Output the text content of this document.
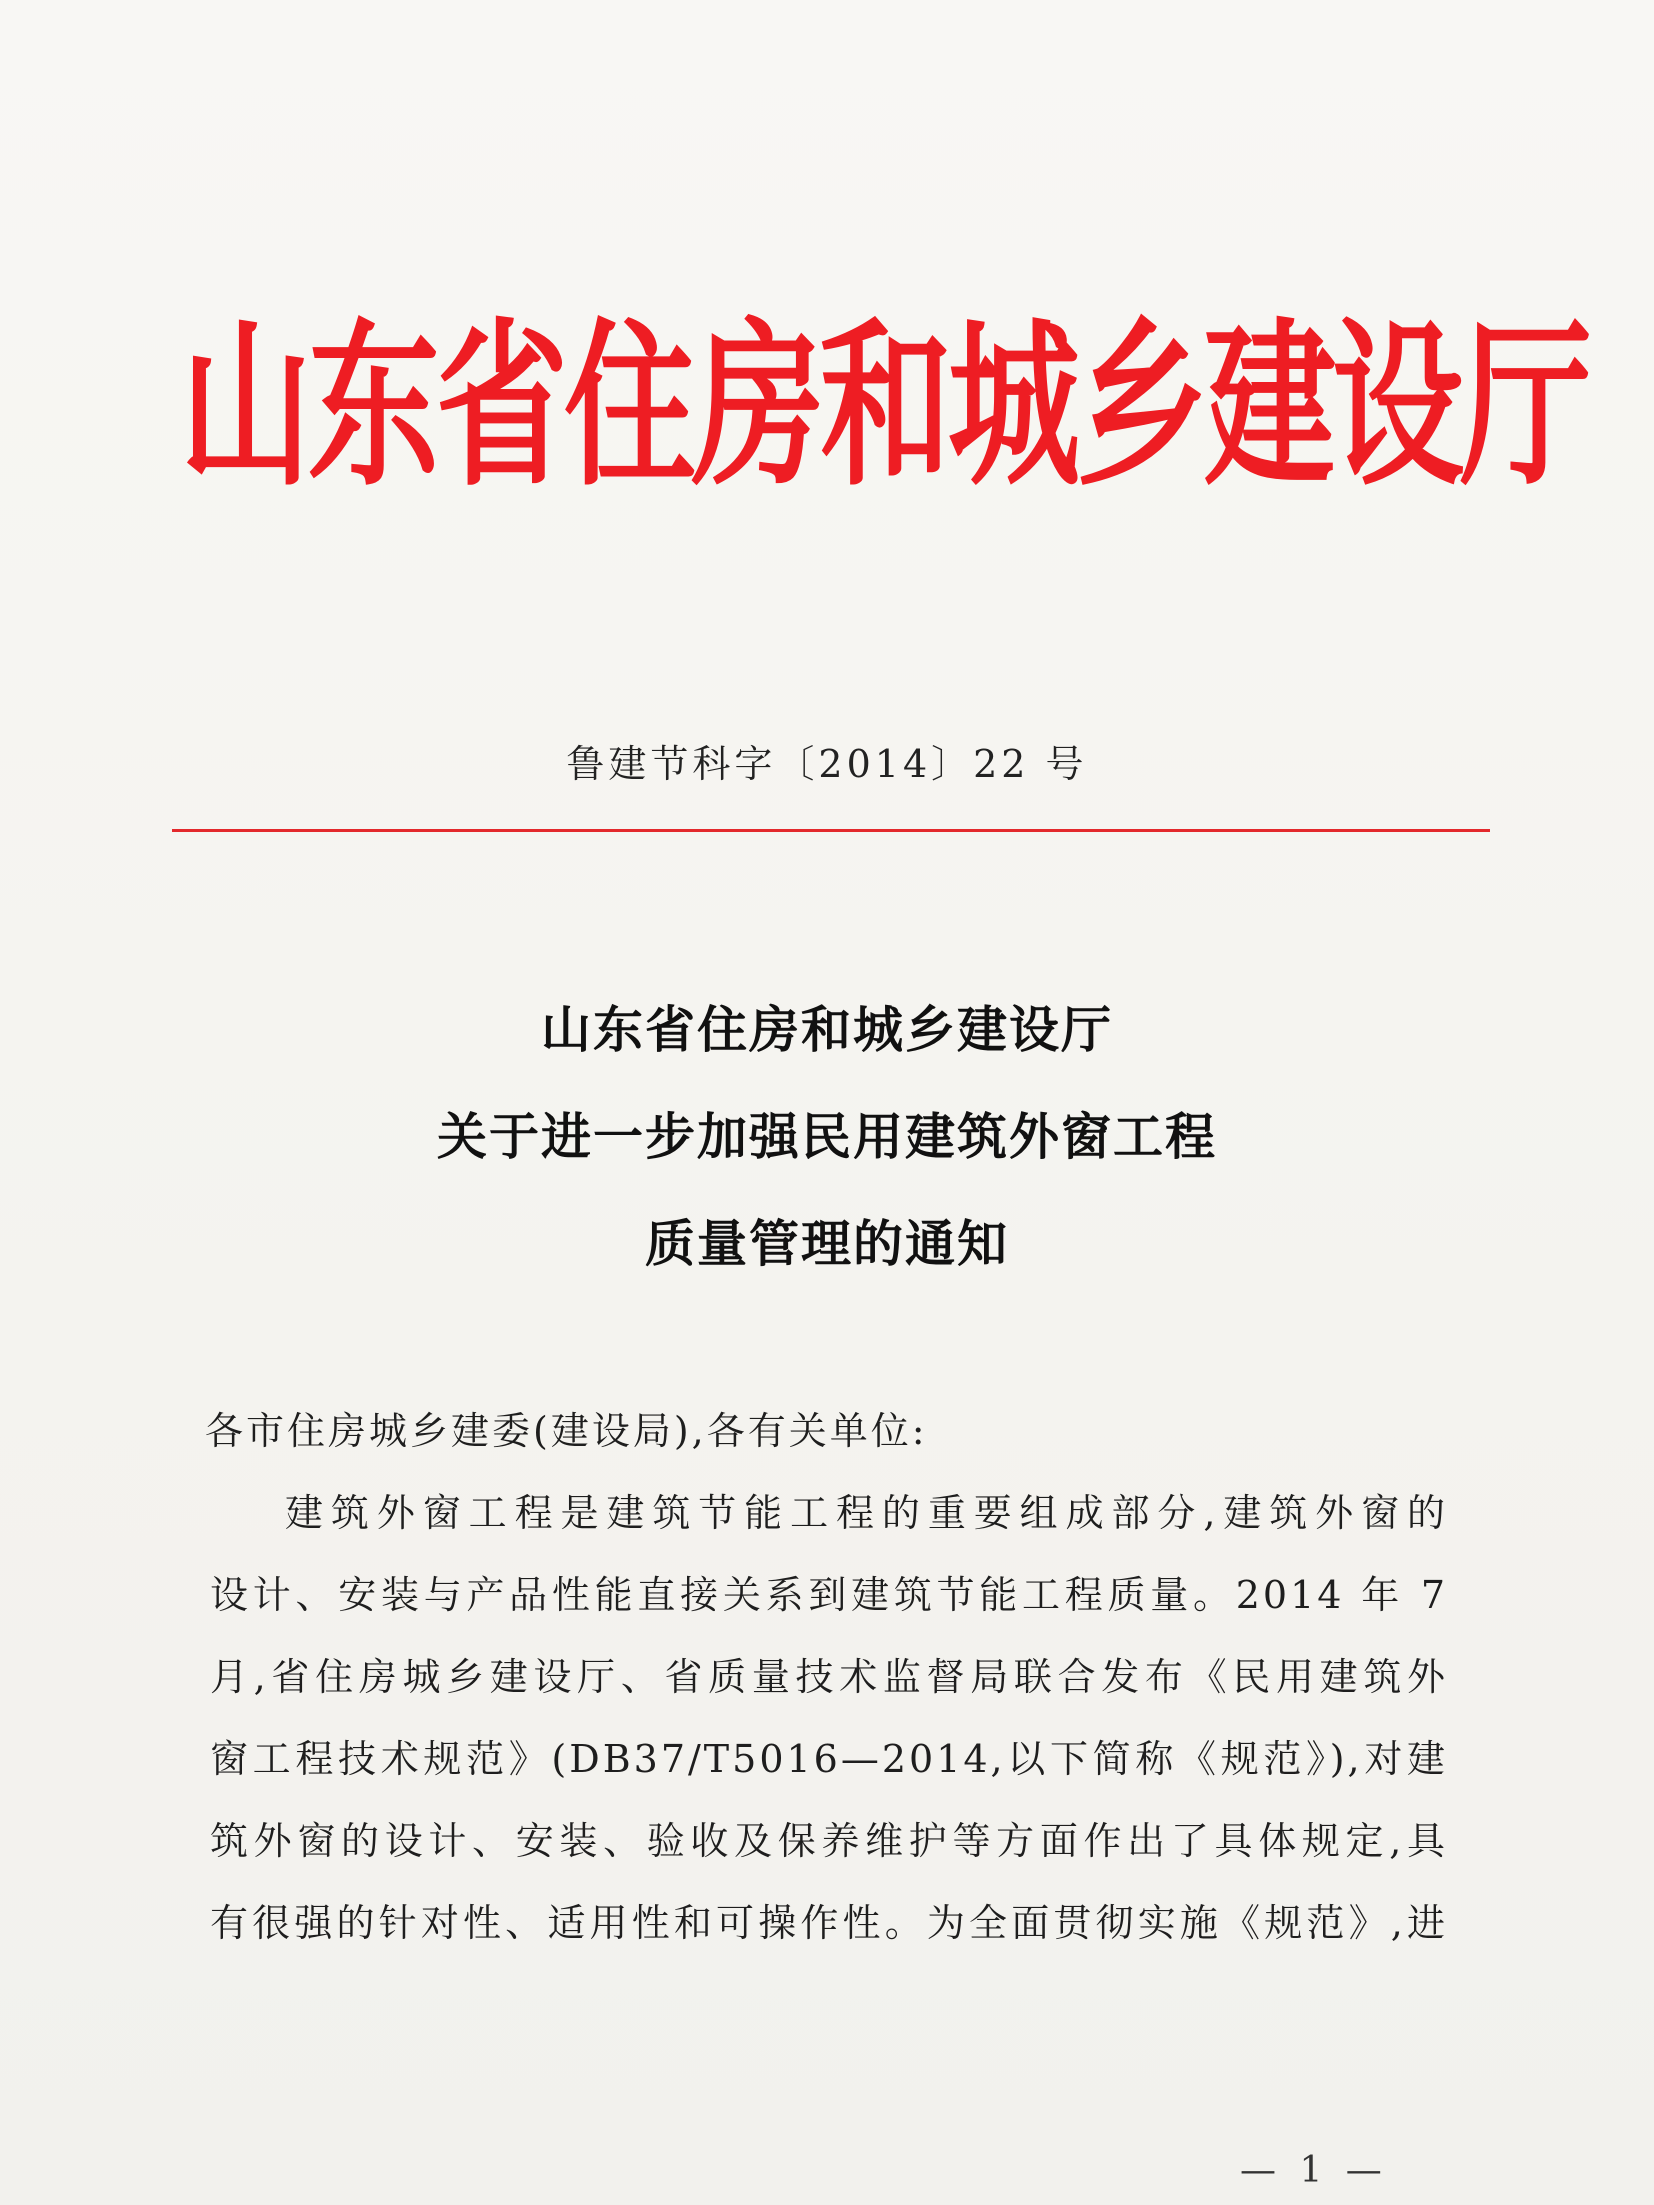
山东省住房和城乡建设厅
鲁建节科字〔2014〕22 号
山东省住房和城乡建设厅
关于进一步加强民用建筑外窗工程
质量管理的通知
各市住房城乡建委(建设局),各有关单位:
建筑外窗工程是建筑节能工程的重要组成部分,建筑外窗的
设计、安装与产品性能直接关系到建筑节能工程质量。2014 年 7
月,省住房城乡建设厅、省质量技术监督局联合发布《民用建筑外
窗工程技术规范》(DB37/T5016—2014,以下简称《规范》),对建
筑外窗的设计、安装、验收及保养维护等方面作出了具体规定,具
有很强的针对性、适用性和可操作性。为全面贯彻实施《规范》,进
— 1 —
